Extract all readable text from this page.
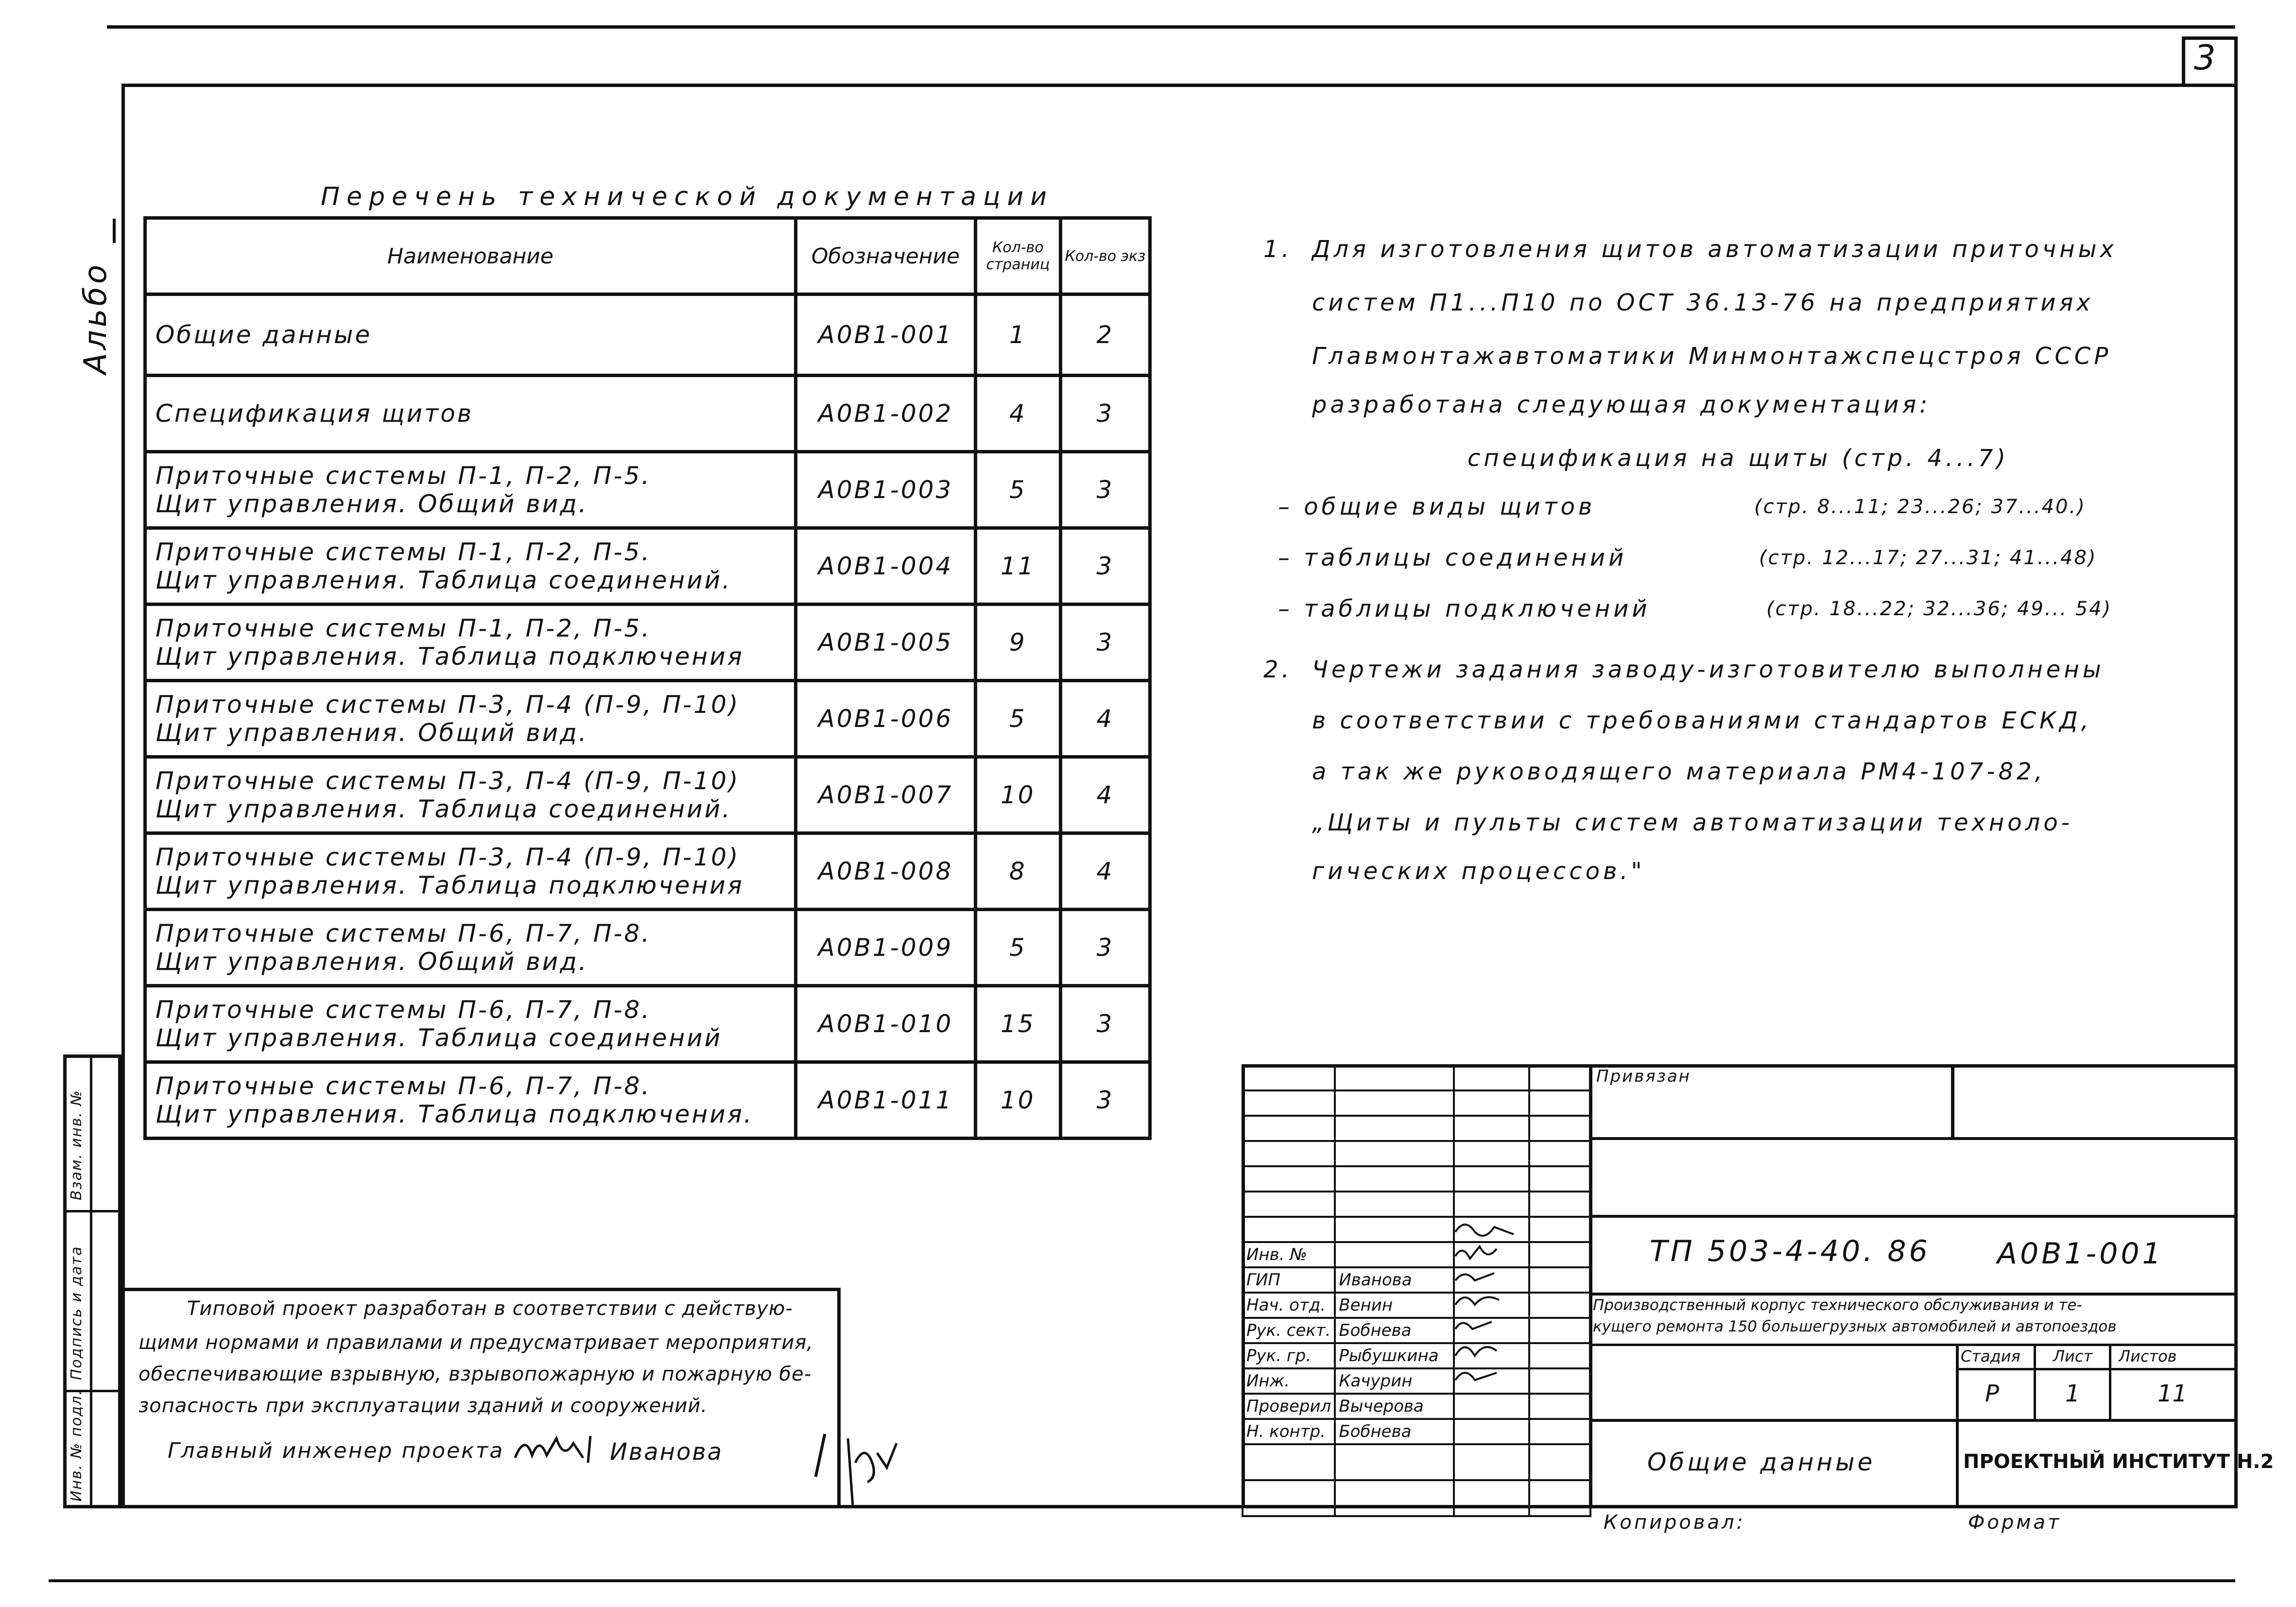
3
Альбо
Инв. № подл.
Подпись и дата
Взам. инв. №
Перечень технической документации
Наименование	Обозначение	Кол-во страниц	Кол-во экз

Общие данные	А0В1-001	1	2

Спецификация щитов	А0В1-002	4	3

Приточные системы П-1, П-2, П-5.
Щит управления. Общий вид.	А0В1-003	5	3

Приточные системы П-1, П-2, П-5.
Щит управления. Таблица соединений.	А0В1-004	11	3

Приточные системы П-1, П-2, П-5.
Щит управления. Таблица подключения	А0В1-005	9	3

Приточные системы П-3, П-4 (П-9, П-10)
Щит управления. Общий вид.	А0В1-006	5	4

Приточные системы П-3, П-4 (П-9, П-10)
Щит управления. Таблица соединений.	А0В1-007	10	4

Приточные системы П-3, П-4 (П-9, П-10)
Щит управления. Таблица подключения	А0В1-008	8	4

Приточные системы П-6, П-7, П-8.
Щит управления. Общий вид.	А0В1-009	5	3

Приточные системы П-6, П-7, П-8.
Щит управления. Таблица соединений	А0В1-010	15	3

Приточные системы П-6, П-7, П-8.
Щит управления. Таблица подключения.	А0В1-011	10	3
1. Для изготовления щитов автоматизации приточных
систем П1...П10 по ОСТ 36.13-76 на предприятиях
Главмонтажавтоматики Минмонтажспецстроя СССР
разработана следующая документация:
спецификация на щиты (стр. 4...7)
– общие виды щитов	(стр. 8...11; 23...26; 37...40.)
– таблицы соединений	(стр. 12...17; 27...31; 41...48)
– таблицы подключений	(стр. 18...22; 32...36; 49... 54)
2. Чертежи задания заводу-изготовителю выполнены
в соответствии с требованиями стандартов ЕСКД,
а так же руководящего материала РМ4-107-82,
„Щиты и пульты систем автоматизации техноло-
гических процессов."
Типовой проект разработан в соответствии с действую-
щими нормами и правилами и предусматривает мероприятия,
обеспечивающие взрывную, взрывопожарную и пожарную бе-
зопасность при эксплуатации зданий и сооружений.
Главный инженер проекта	Иванова

Инв. №			
ГИП	Иванова		
Нач. отд.	Венин		
Рук. сект.	Бобнева		
Рук. гр.	Рыбушкина		
Инж.	Качурин		
Проверил	Вычерова		
Н. контр.	Бобнева		

Привязан
ТП 503-4-40. 86 А0В1-001
Производственный корпус технического обслуживания и те-
кущего ремонта 150 большегрузных автомобилей и автопоездов
Стадия Лист Листов
Р	1	11
Общие данные	ПРОЕКТНЫЙ ИНСТИТУТ Н.2
Копировал:	Формат
